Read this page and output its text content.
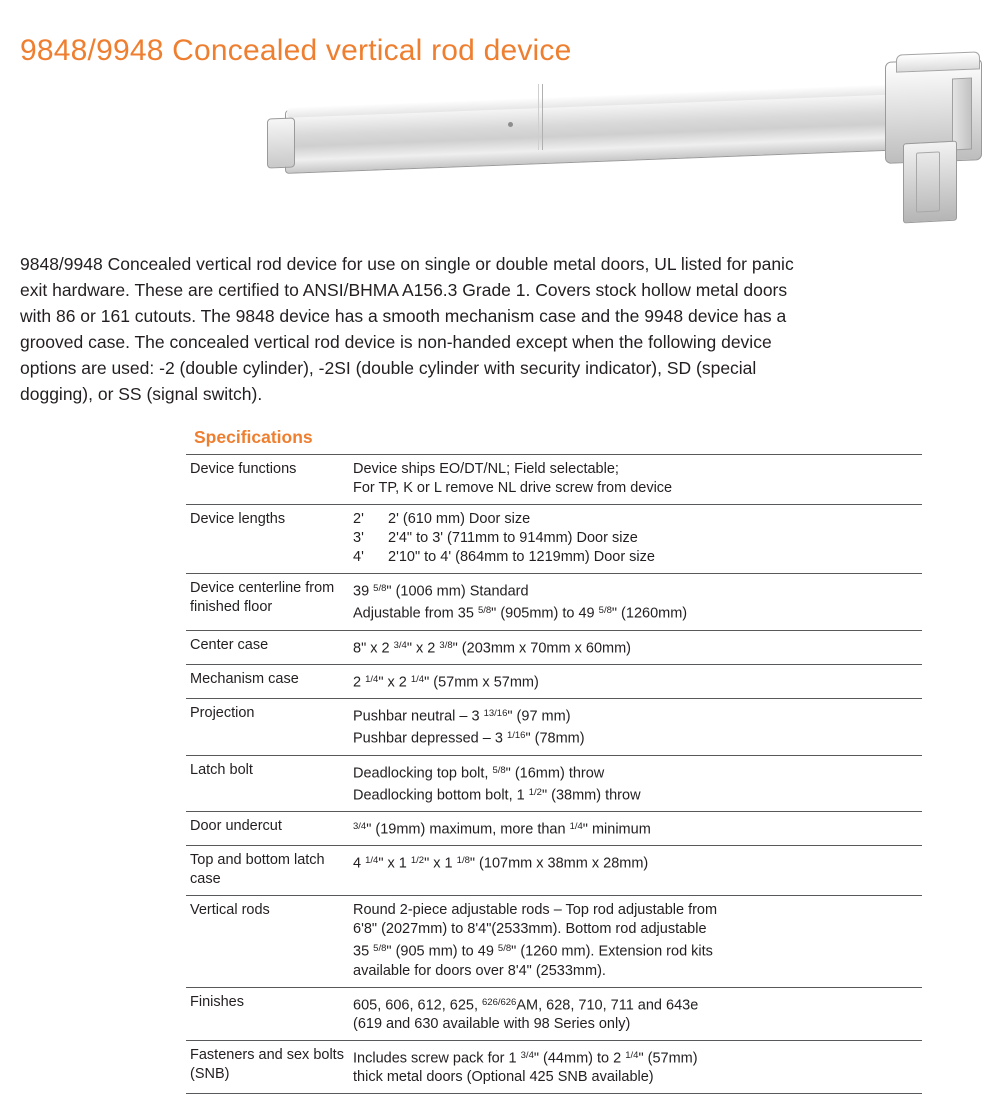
9848/9948 Concealed vertical rod device

9848/9948 Concealed vertical rod device for use on single or double metal doors, UL listed for panic exit hardware. These are certified to ANSI/BHMA A156.3 Grade 1. Covers stock hollow metal doors with 86 or 161 cutouts. The 9848 device has a smooth mechanism case and the 9948 device has a grooved case. The concealed vertical rod device is non-handed except when the following device options are used: -2 (double cylinder), -2SI (double cylinder with security indicator), SD (special dogging), or SS (signal switch).

Specifications
Device functions	Device ships EO/DT/NL; Field selectable;
For TP, K or L remove NL drive screw from device

Device lengths	2'      2' (610 mm) Door size
3'      2'4" to 3' (711mm to 914mm) Door size
4'      2'10" to 4' (864mm to 1219mm) Door size

Device centerline from finished floor	39 $^{5/8}$" (1006 mm) Standard
Adjustable from 35 $^{5/8}$" (905mm) to 49 $^{5/8}$" (1260mm)

Center case	8" x 2 $^{3/4}$" x 2 $^{3/8}$" (203mm x 70mm x 60mm)

Mechanism case	2 $^{1/4}$" x 2 $^{1/4}$" (57mm x 57mm)

Projection	Pushbar neutral – 3 $^{13/16}$" (97 mm)
Pushbar depressed – 3 $^{1/16}$" (78mm)

Latch bolt	Deadlocking top bolt, $^{5/8}$" (16mm) throw
Deadlocking bottom bolt, 1 $^{1/2}$" (38mm) throw

Door undercut	$^{3/4}$" (19mm) maximum, more than $^{1/4}$" minimum

Top and bottom latch case	4 $^{1/4}$" x 1 $^{1/2}$" x 1 $^{1/8}$" (107mm x 38mm x 28mm)

Vertical rods	Round 2-piece adjustable rods – Top rod adjustable from
6'8" (2027mm) to 8'4"(2533mm). Bottom rod adjustable
35 $^{5/8}$" (905 mm) to 49 $^{5/8}$" (1260 mm). Extension rod kits
available for doors over 8'4" (2533mm).

Finishes	605, 606, 612, 625, $^{626/626}$AM, 628, 710, 711 and 643e
(619 and 630 available with 98 Series only)

Fasteners and sex bolts (SNB)	Includes screw pack for 1 $^{3/4}$" (44mm) to 2 $^{1/4}$" (57mm)
thick metal doors (Optional 425 SNB available)
